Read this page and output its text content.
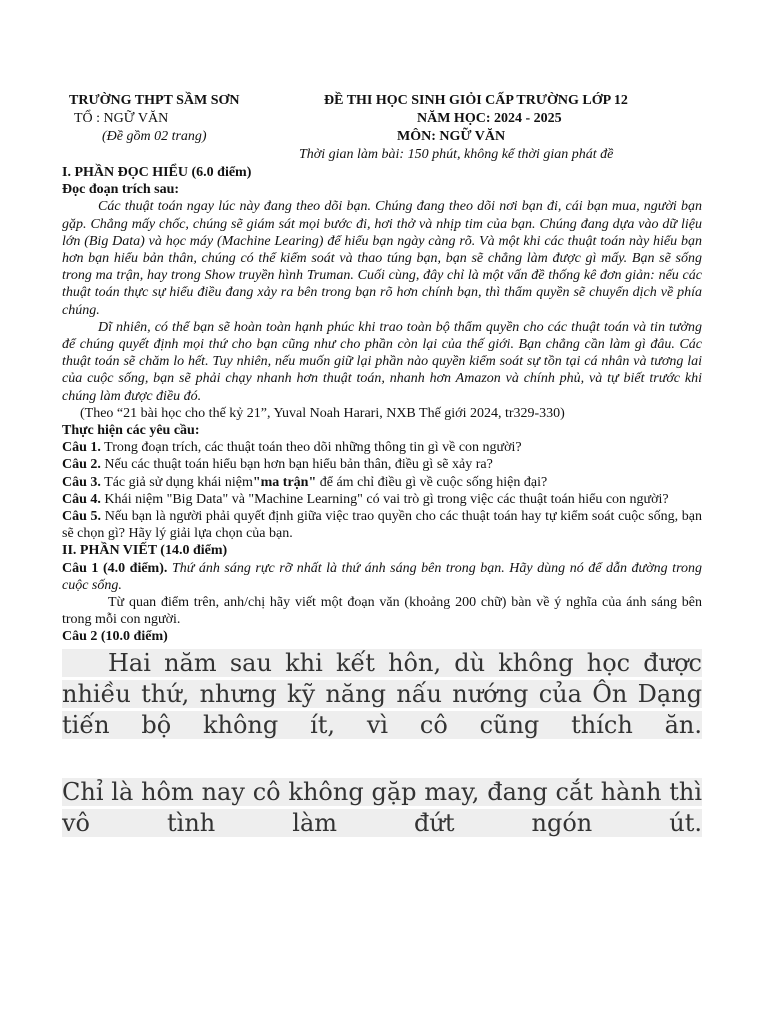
TRƯỜNG THPT SẦM SƠN
TỔ : NGỮ VĂN
(Đề gồm 02 trang)
ĐỀ THI HỌC SINH GIỎI CẤP TRƯỜNG LỚP 12
NĂM HỌC: 2024 - 2025
MÔN: NGỮ VĂN
Thời gian làm bài: 150 phút, không kể thời gian phát đề

I. PHẦN ĐỌC HIỂU (6.0 điểm)

Đọc đoạn trích sau:

Các thuật toán ngay lúc này đang theo dõi bạn. Chúng đang theo dõi nơi bạn đi, cái bạn mua, người bạn gặp. Chẳng mấy chốc, chúng sẽ giám sát mọi bước đi, hơi thở và nhịp tim của bạn. Chúng đang dựa vào dữ liệu lớn (Big Data) và học máy (Machine Learing) để hiểu bạn ngày càng rõ. Và một khi các thuật toán này hiểu bạn hơn bạn hiểu bản thân, chúng có thể kiểm soát và thao túng bạn, bạn sẽ chẳng làm được gì mấy. Bạn sẽ sống trong ma trận, hay trong Show truyền hình Truman. Cuối cùng, đây chỉ là một vấn đề thống kê đơn giản: nếu các thuật toán thực sự hiểu điều đang xảy ra bên trong bạn rõ hơn chính bạn, thì thẩm quyền sẽ chuyển dịch về phía chúng.

Dĩ nhiên, có thể bạn sẽ hoàn toàn hạnh phúc khi trao toàn bộ thẩm quyền cho các thuật toán và tin tưởng để chúng quyết định mọi thứ cho bạn cũng như cho phần còn lại của thế giới. Bạn chẳng cần làm gì đâu. Các thuật toán sẽ chăm lo hết. Tuy nhiên, nếu muốn giữ lại phần nào quyền kiểm soát sự tồn tại cá nhân và tương lai của cuộc sống, bạn sẽ phải chạy nhanh hơn thuật toán, nhanh hơn Amazon và chính phủ, và tự biết trước khi chúng làm được điều đó.

(Theo “21 bài học cho thế kỷ 21”, Yuval Noah Harari, NXB Thế giới 2024, tr329-330)

Thực hiện các yêu cầu:

Câu 1. Trong đoạn trích, các thuật toán theo dõi những thông tin gì về con người?

Câu 2. Nếu các thuật toán hiểu bạn hơn bạn hiểu bản thân, điều gì sẽ xảy ra?

Câu 3. Tác giả sử dụng khái niệm"ma trận" để ám chỉ điều gì về cuộc sống hiện đại?

Câu 4. Khái niệm "Big Data" và "Machine Learning" có vai trò gì trong việc các thuật toán hiểu con người?

Câu 5. Nếu bạn là người phải quyết định giữa việc trao quyền cho các thuật toán hay tự kiểm soát cuộc sống, bạn sẽ chọn gì? Hãy lý giải lựa chọn của bạn.

II. PHẦN VIẾT (14.0 điểm)

Câu 1 (4.0 điểm). Thứ ánh sáng rực rỡ nhất là thứ ánh sáng bên trong bạn. Hãy dùng nó để dẫn đường trong cuộc sống.

Từ quan điểm trên, anh/chị hãy viết một đoạn văn (khoảng 200 chữ) bàn về ý nghĩa của ánh sáng bên trong mỗi con người.

Câu 2 (10.0 điểm)

Hai năm sau khi kết hôn, dù không học được nhiều thứ, nhưng kỹ năng nấu nướng của Ôn Dạng tiến bộ không ít, vì cô cũng thích ăn.

Chỉ là hôm nay cô không gặp may, đang cắt hành thì vô tình làm đứt ngón út.
